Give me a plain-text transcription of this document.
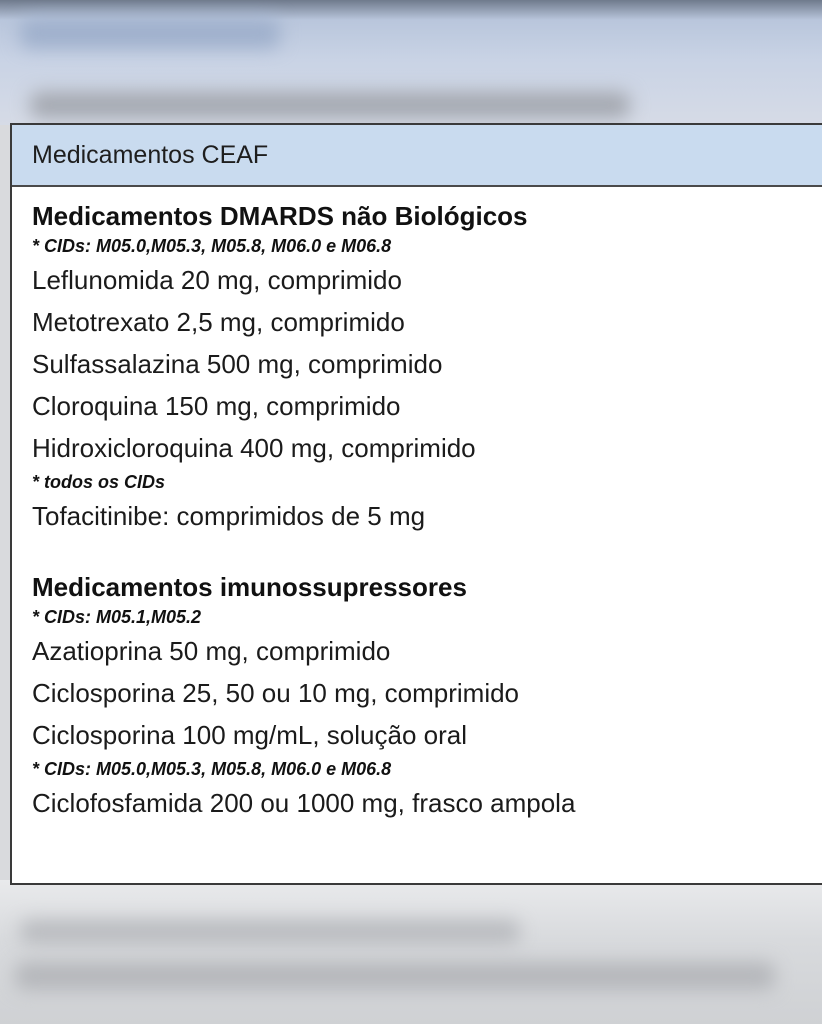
Medicamentos CEAF
Medicamentos DMARDS não Biológicos
* CIDs: M05.0,M05.3, M05.8, M06.0 e M06.8
Leflunomida 20 mg, comprimido
Metotrexato 2,5 mg, comprimido
Sulfassalazina 500 mg, comprimido
Cloroquina 150 mg, comprimido
Hidroxicloroquina 400 mg, comprimido
* todos os CIDs
Tofacitinibe: comprimidos de 5 mg
Medicamentos imunossupressores
* CIDs: M05.1,M05.2
Azatioprina 50 mg, comprimido
Ciclosporina 25, 50 ou 10 mg, comprimido
Ciclosporina 100 mg/mL, solução oral
* CIDs: M05.0,M05.3, M05.8, M06.0 e M06.8
Ciclofosfamida 200 ou 1000 mg, frasco ampola
